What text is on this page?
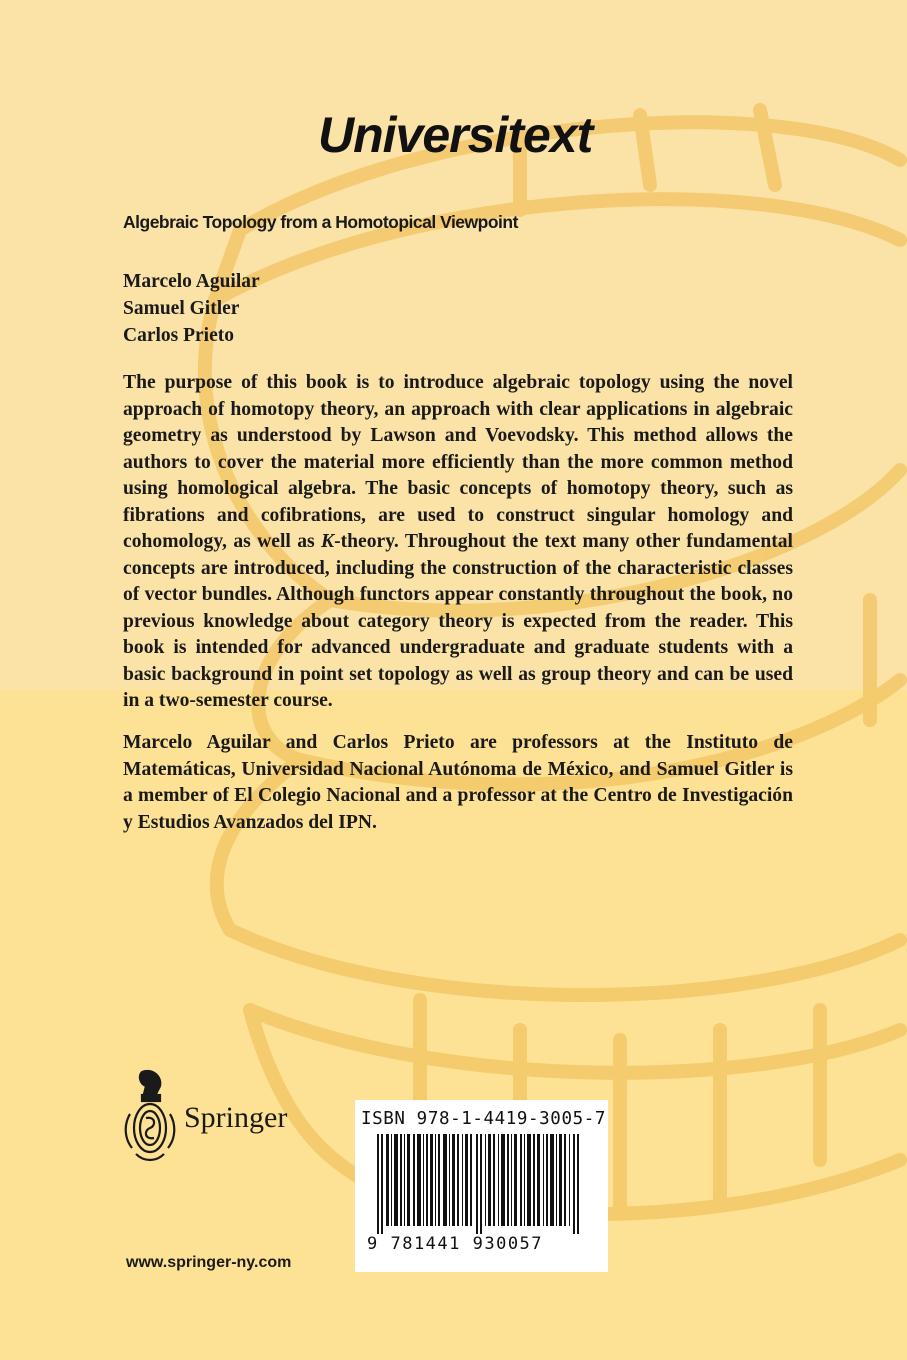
Universitext
Algebraic Topology from a Homotopical Viewpoint
Marcelo Aguilar
Samuel Gitler
Carlos Prieto
The purpose of this book is to introduce algebraic topology using the novel approach of homotopy theory, an approach with clear applications in algebraic geometry as understood by Lawson and Voevodsky. This method allows the authors to cover the material more efficiently than the more common method using homological algebra. The basic concepts of homotopy theory, such as fibrations and cofibrations, are used to construct singular homology and cohomology, as well as K-theory. Throughout the text many other fundamental concepts are introduced, including the construction of the characteristic classes of vector bundles. Although functors appear constantly throughout the book, no previous knowledge about category theory is expected from the reader. This book is intended for advanced undergraduate and graduate students with a basic background in point set topology as well as group theory and can be used in a two-semester course.
Marcelo Aguilar and Carlos Prieto are professors at the Instituto de Matemáticas, Universidad Nacional Autónoma de México, and Samuel Gitler is a member of El Colegio Nacional and a professor at the Centro de Investigación y Estudios Avanzados del IPN.
Springer
www.springer-ny.com
ISBN 978-1-4419-3005-7
9 781441 930057
